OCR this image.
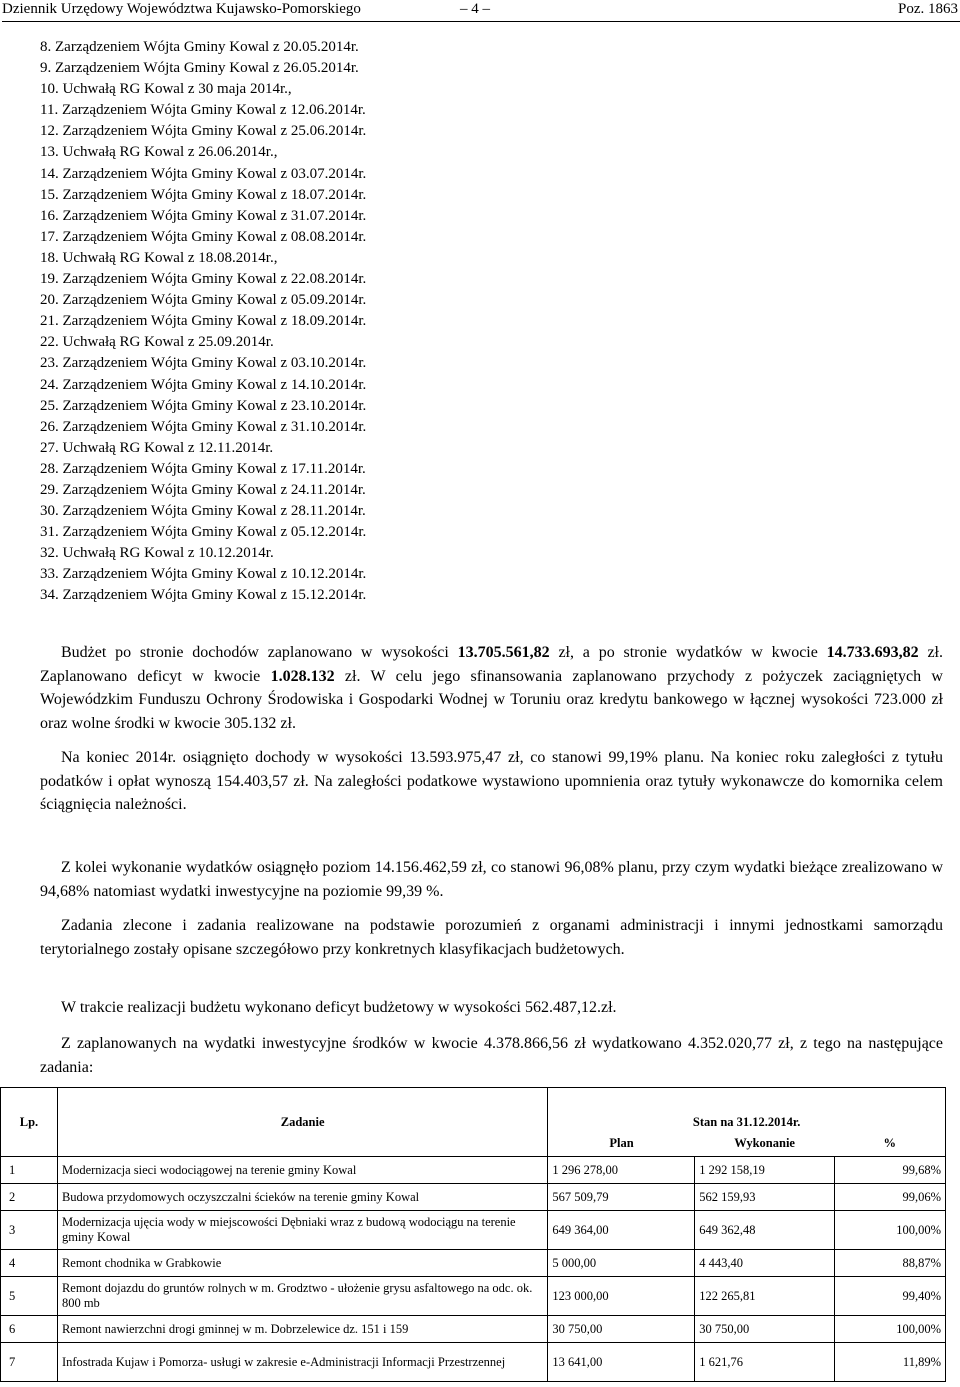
Dziennik Urzędowy Województwa Kujawsko-Pomorskiego	– 4 –	Poz. 1863
8. Zarządzeniem Wójta Gminy Kowal z 20.05.2014r.
9. Zarządzeniem Wójta Gminy Kowal z 26.05.2014r.
10. Uchwałą RG Kowal z 30 maja 2014r.,
11. Zarządzeniem Wójta Gminy Kowal z 12.06.2014r.
12. Zarządzeniem Wójta Gminy Kowal z 25.06.2014r.
13. Uchwałą RG Kowal z 26.06.2014r.,
14. Zarządzeniem Wójta Gminy Kowal z 03.07.2014r.
15. Zarządzeniem Wójta Gminy Kowal z 18.07.2014r.
16. Zarządzeniem Wójta Gminy Kowal z 31.07.2014r.
17. Zarządzeniem Wójta Gminy Kowal z 08.08.2014r.
18. Uchwałą RG Kowal z 18.08.2014r.,
19. Zarządzeniem Wójta Gminy Kowal z 22.08.2014r.
20. Zarządzeniem Wójta Gminy Kowal z 05.09.2014r.
21. Zarządzeniem Wójta Gminy Kowal z 18.09.2014r.
22. Uchwałą RG Kowal z 25.09.2014r.
23. Zarządzeniem Wójta Gminy Kowal z 03.10.2014r.
24. Zarządzeniem Wójta Gminy Kowal z 14.10.2014r.
25. Zarządzeniem Wójta Gminy Kowal z 23.10.2014r.
26. Zarządzeniem Wójta Gminy Kowal z 31.10.2014r.
27. Uchwałą RG Kowal z 12.11.2014r.
28. Zarządzeniem Wójta Gminy Kowal z 17.11.2014r.
29. Zarządzeniem Wójta Gminy Kowal z 24.11.2014r.
30. Zarządzeniem Wójta Gminy Kowal z 28.11.2014r.
31. Zarządzeniem Wójta Gminy Kowal z 05.12.2014r.
32. Uchwałą RG Kowal z 10.12.2014r.
33. Zarządzeniem Wójta Gminy Kowal z 10.12.2014r.
34. Zarządzeniem Wójta Gminy Kowal z 15.12.2014r.

Budżet po stronie dochodów zaplanowano w wysokości 13.705.561,82 zł, a po stronie wydatków w kwocie 14.733.693,82 zł. Zaplanowano deficyt w kwocie 1.028.132 zł. W celu jego sfinansowania zaplanowano przychody z pożyczek zaciągniętych w Wojewódzkim Funduszu Ochrony Środowiska i Gospodarki Wodnej w Toruniu oraz kredytu bankowego w łącznej wysokości 723.000 zł oraz wolne środki w kwocie 305.132 zł.

Na koniec 2014r. osiągnięto dochody w wysokości 13.593.975,47 zł, co stanowi 99,19% planu. Na koniec roku zaległości z tytułu podatków i opłat wynoszą 154.403,57 zł. Na zaległości podatkowe wystawiono upomnienia oraz tytuły wykonawcze do komornika celem ściągnięcia należności.

Z kolei wykonanie wydatków osiągnęło poziom 14.156.462,59 zł, co stanowi 96,08% planu, przy czym wydatki bieżące zrealizowano w 94,68% natomiast wydatki inwestycyjne na poziomie 99,39 %.

Zadania zlecone i zadania realizowane na podstawie porozumień z organami administracji i innymi jednostkami samorządu terytorialnego zostały opisane szczegółowo przy konkretnych klasyfikacjach budżetowych.

W trakcie realizacji budżetu wykonano deficyt budżetowy w wysokości 562.487,12.zł.

Z zaplanowanych na wydatki inwestycyjne środków w kwocie 4.378.866,56 zł wydatkowano 4.352.020,77 zł, z tego na następujące zadania:

Lp.	Zadanie	Stan na 31.12.2014r.		
		Plan	Wykonanie	%
1	Modernizacja sieci wodociągowej na terenie gminy Kowal	1 296 278,00	1 292 158,19	99,68%
2	Budowa przydomowych oczyszczalni ścieków na terenie gminy Kowal	567 509,79	562 159,93	99,06%
3	Modernizacja ujęcia wody w miejscowości Dębniaki wraz z budową wodociągu na terenie gminy Kowal	649 364,00	649 362,48	100,00%
4	Remont chodnika w Grabkowie	5 000,00	4 443,40	88,87%
5	Remont dojazdu do gruntów rolnych w m. Grodztwo - ułożenie grysu asfaltowego na odc. ok. 800 mb	123 000,00	122 265,81	99,40%
6	Remont nawierzchni drogi gminnej w m. Dobrzelewice dz. 151 i 159	30 750,00	30 750,00	100,00%
7	Infostrada Kujaw i Pomorza- usługi w zakresie e-Administracji Informacji Przestrzennej	13 641,00	1 621,76	11,89%
